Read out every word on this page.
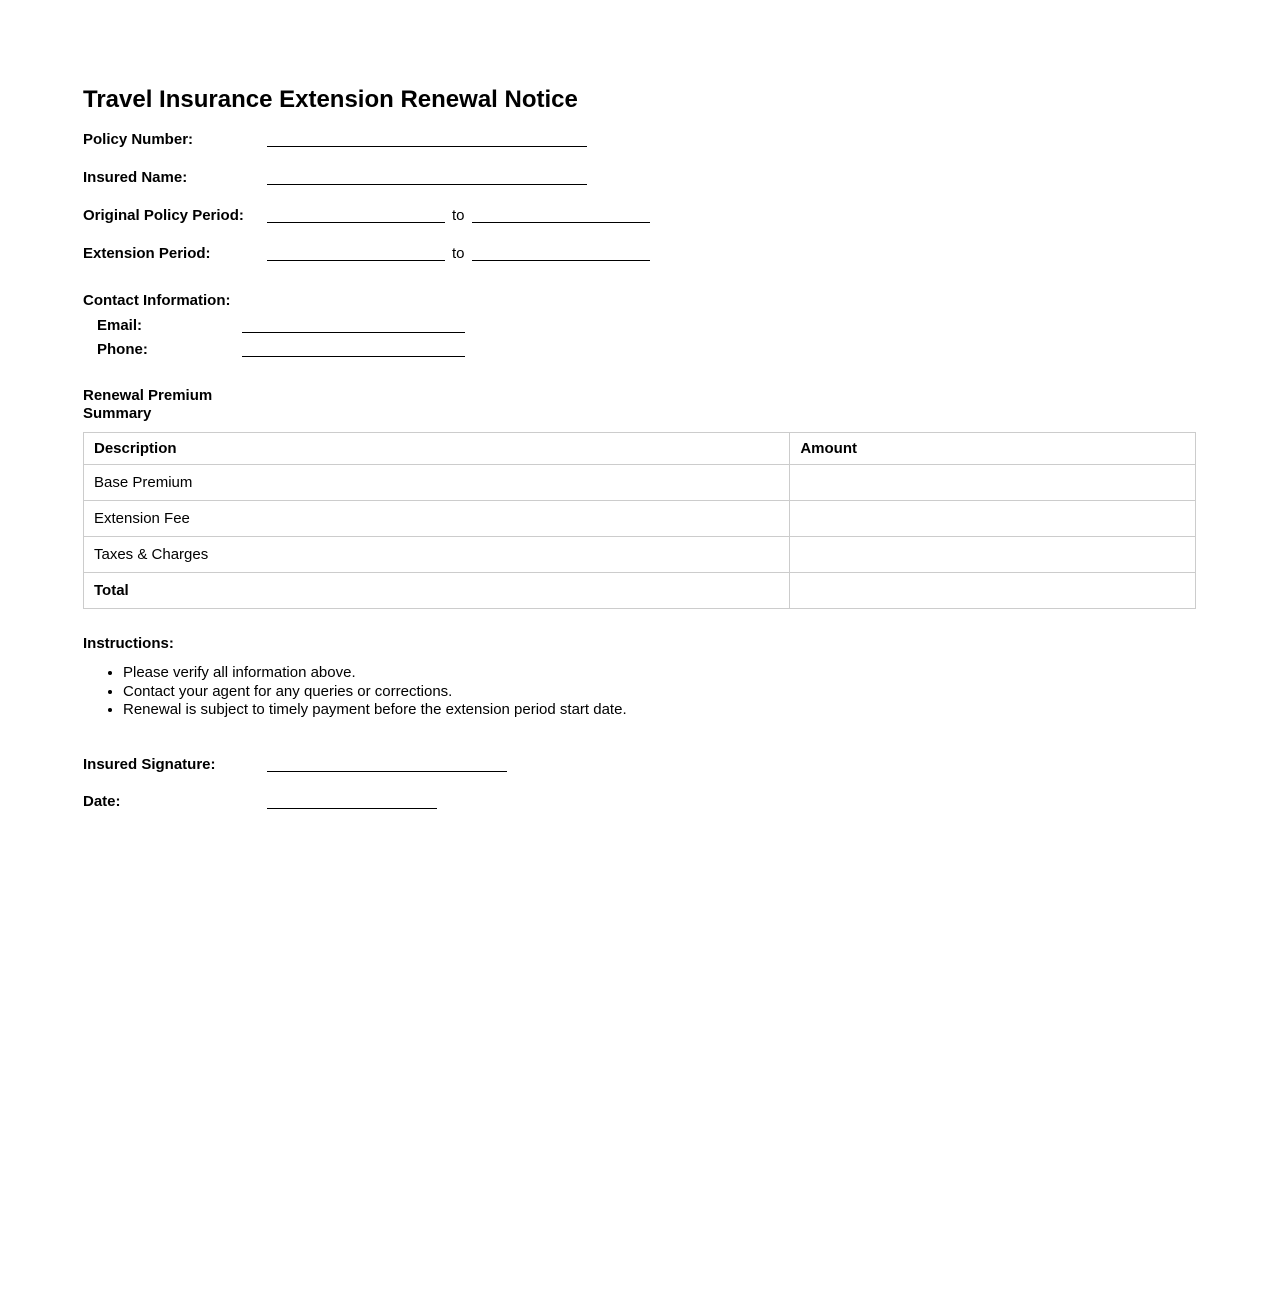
Travel Insurance Extension Renewal Notice
Policy Number:
Insured Name:
Original Policy Period:	to
Extension Period:	to
Contact Information:
Email:
Phone:
Renewal Premium Summary
Description	Amount
Base Premium	
Extension Fee	
Taxes & Charges	
Total	
Instructions:
• Please verify all information above.
• Contact your agent for any queries or corrections.
• Renewal is subject to timely payment before the extension period start date.
Insured Signature:
Date:
